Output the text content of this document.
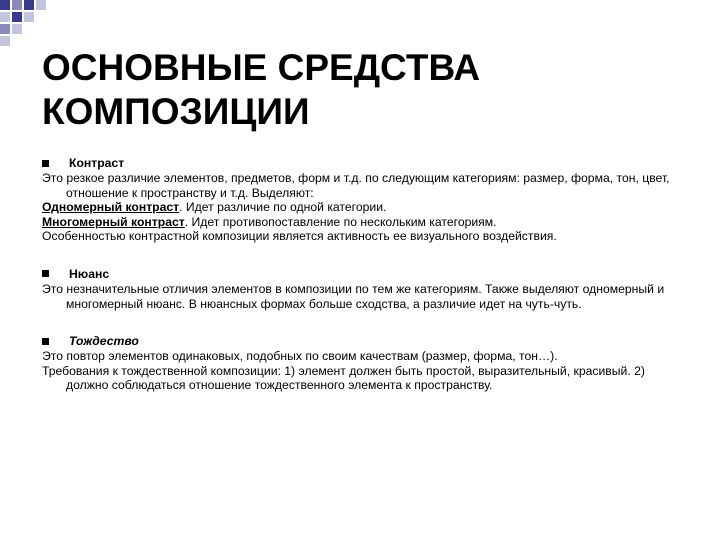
ОСНОВНЫЕ СРЕДСТВА
КОМПОЗИЦИИ
Контраст

Это резкое различие элементов, предметов, форм и т.д. по следующим категориям: размер, форма, тон, цвет, отношение к пространству и т.д. Выделяют:

Одномерный контраст. Идет различие по одной категории.

Многомерный контраст. Идет противопоставление по нескольким категориям.

Особенностью контрастной композиции является активность ее визуального воздействия.

Нюанс

Это незначительные отличия элементов в композиции по тем же категориям. Также выделяют одномерный и многомерный нюанс. В нюансных формах больше сходства, а различие идет на чуть-чуть.

Тождество

Это повтор элементов одинаковых, подобных по своим качествам (размер, форма, тон…).

Требования к тождественной композиции: 1) элемент должен быть простой, выразительный, красивый. 2) должно соблюдаться отношение тождественного элемента к пространству.
